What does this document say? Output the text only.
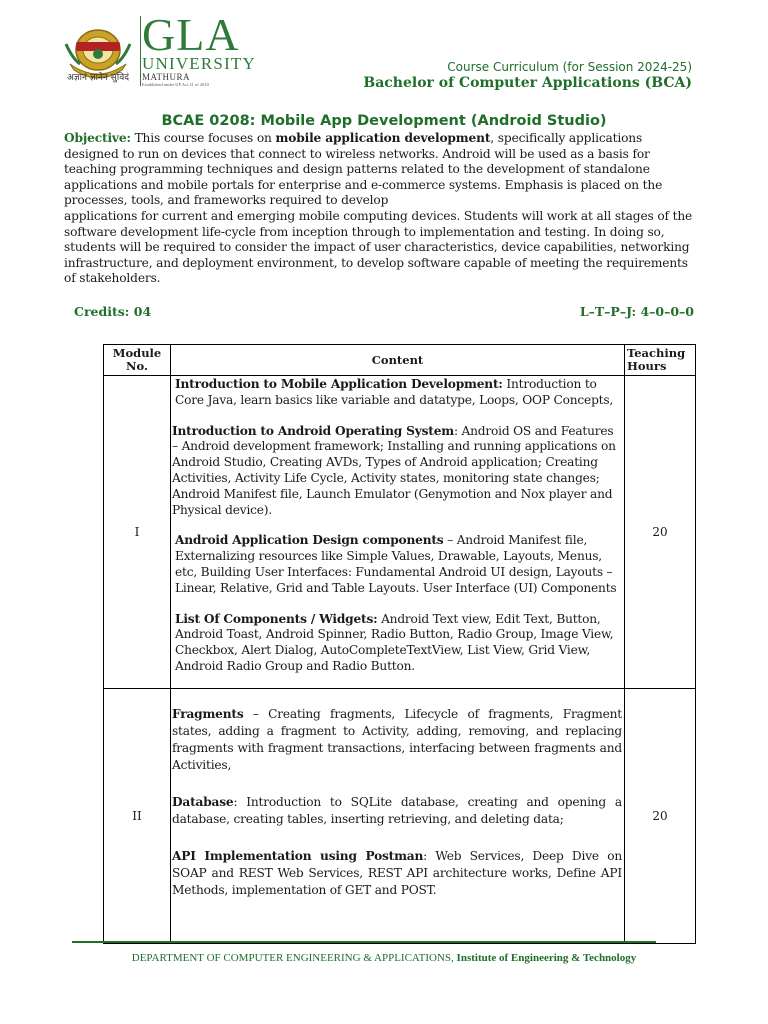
अज्ञानं ज्ञानेन सुविदं
GLA
UNIVERSITY
MATHURA
Established under UP Act 21 of 2010
Course Curriculum (for Session 2024-25)
Bachelor of Computer Applications (BCA)
BCAE 0208: Mobile App Development (Android Studio)
Objective: This course focuses on mobile application development, specifically applications designed to run on devices that connect to wireless networks. Android will be used as a basis for teaching programming techniques and design patterns related to the development of standalone applications and mobile portals for enterprise and e-commerce systems. Emphasis is placed on the processes, tools, and frameworks required to develop
applications for current and emerging mobile computing devices. Students will work at all stages of the software development life-cycle from inception through to implementation and testing. In doing so, students will be required to consider the impact of user characteristics, device capabilities, networking infrastructure, and deployment environment, to develop software capable of meeting the requirements of stakeholders.
Credits: 04	L–T–P–J: 4–0–0–0
Module No.	Content	Teaching Hours
I	Introduction to Mobile Application Development: Introduction to Core Java, learn basics like variable and datatype, Loops, OOP Concepts,
Introduction to Android Operating System: Android OS and Features – Android development framework; Installing and running applications on Android Studio, Creating AVDs, Types of Android application; Creating Activities, Activity Life Cycle, Activity states, monitoring state changes; Android Manifest file, Launch Emulator (Genymotion and Nox player and Physical device).
Android Application Design components – Android Manifest file, Externalizing resources like Simple Values, Drawable, Layouts, Menus, etc, Building User Interfaces: Fundamental Android UI design, Layouts – Linear, Relative, Grid and Table Layouts. User Interface (UI) Components
List Of Components / Widgets: Android Text view, Edit Text, Button, Android Toast, Android Spinner, Radio Button, Radio Group, Image View, Checkbox, Alert Dialog, AutoCompleteTextView, List View, Grid View, Android Radio Group and Radio Button.	20
II	Fragments – Creating fragments, Lifecycle of fragments, Fragment states, adding a fragment to Activity, adding, removing, and replacing fragments with fragment transactions, interfacing between fragments and Activities,
Database: Introduction to SQLite database, creating and opening a database, creating tables, inserting retrieving, and deleting data;
API Implementation using Postman: Web Services, Deep Dive on SOAP and REST Web Services, REST API architecture works, Define API Methods, implementation of GET and POST.	20
DEPARTMENT OF COMPUTER ENGINEERING & APPLICATIONS, Institute of Engineering & Technology
